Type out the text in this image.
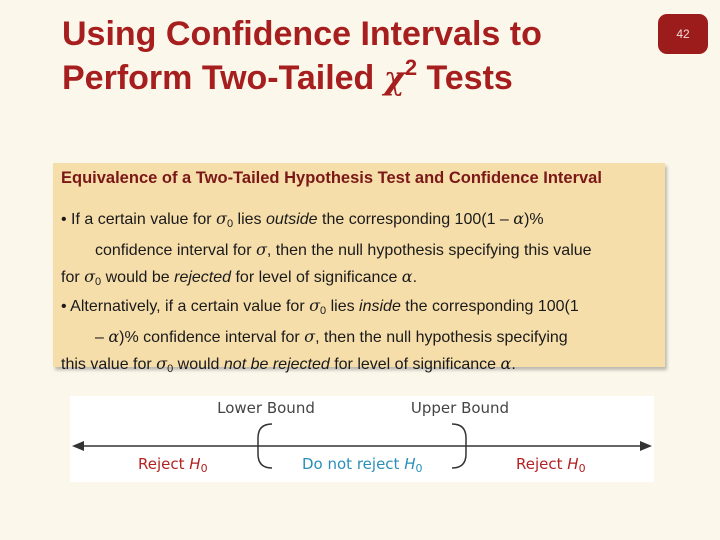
Using Confidence Intervals to
Perform Two-Tailed $\chi^2$ Tests
42
Equivalence of a Two-Tailed Hypothesis Test and Confidence Interval
• If a certain value for $\sigma_0$ lies outside the corresponding 100(1 – α)%
confidence interval for σ, then the null hypothesis specifying this value
for $\sigma_0$ would be rejected for level of significance α.
• Alternatively, if a certain value for $\sigma_0$ lies inside the corresponding 100(1
– α)% confidence interval for σ, then the null hypothesis specifying
this value for $\sigma_0$ would not be rejected for level of significance α.
Lower Bound	Upper Bound
Reject $H_0$	Do not reject $H_0$	Reject $H_0$
